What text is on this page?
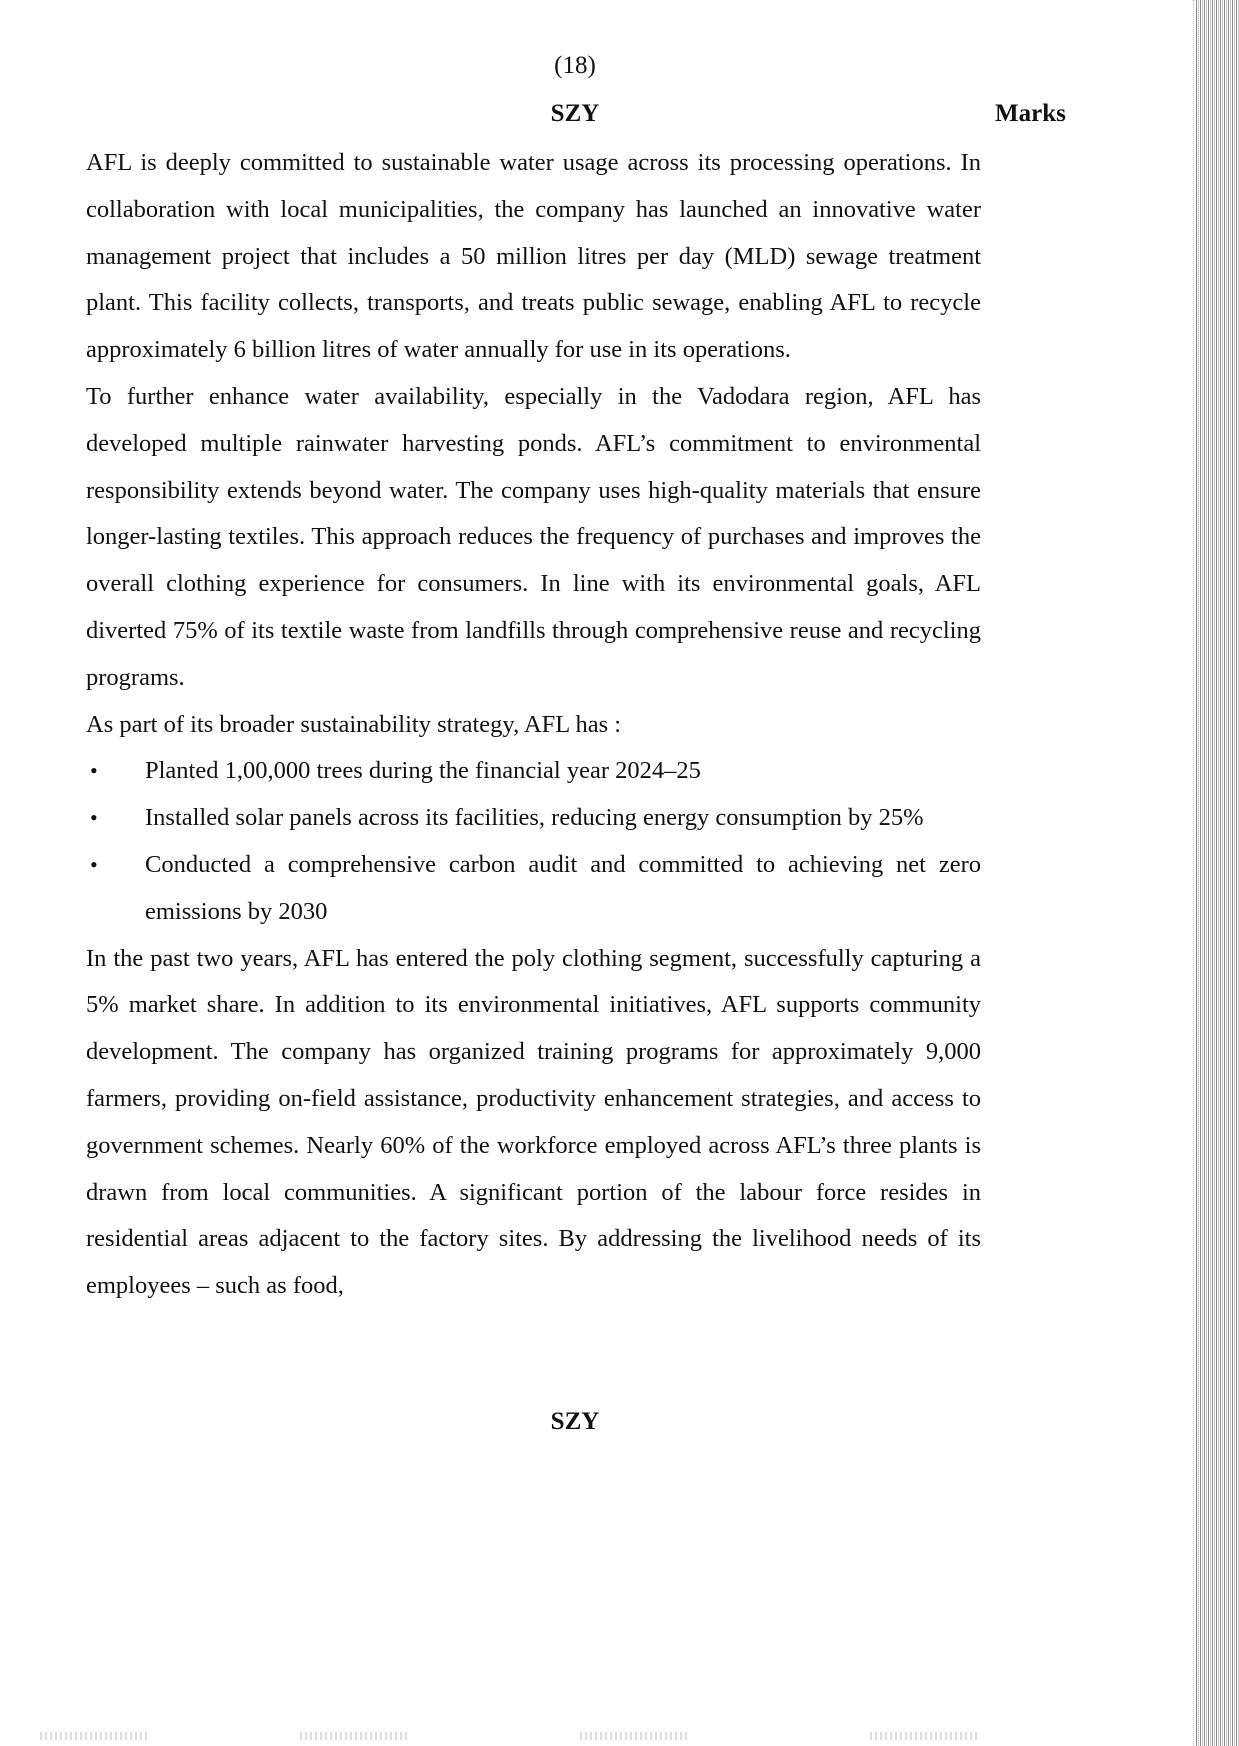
(18)
SZY	Marks

AFL is deeply committed to sustainable water usage across its processing operations. In collaboration with local municipalities, the company has launched an innovative water management project that includes a 50 million litres per day (MLD) sewage treatment plant. This facility collects, transports, and treats public sewage, enabling AFL to recycle approximately 6 billion litres of water annually for use in its operations.

To further enhance water availability, especially in the Vadodara region, AFL has developed multiple rainwater harvesting ponds. AFL’s commitment to environmental responsibility extends beyond water. The company uses high-quality materials that ensure longer-lasting textiles. This approach reduces the frequency of purchases and improves the overall clothing experience for consumers. In line with its environmental goals, AFL diverted 75% of its textile waste from landfills through comprehensive reuse and recycling programs.

As part of its broader sustainability strategy, AFL has :

• Planted 1,00,000 trees during the financial year 2024–25
• Installed solar panels across its facilities, reducing energy consumption by 25%
• Conducted a comprehensive carbon audit and committed to achieving net zero emissions by 2030

In the past two years, AFL has entered the poly clothing segment, successfully capturing a 5% market share. In addition to its environmental initiatives, AFL supports community development. The company has organized training programs for approximately 9,000 farmers, providing on-field assistance, productivity enhancement strategies, and access to government schemes. Nearly 60% of the workforce employed across AFL’s three plants is drawn from local communities. A significant portion of the labour force resides in residential areas adjacent to the factory sites. By addressing the livelihood needs of its employees – such as food,

SZY
